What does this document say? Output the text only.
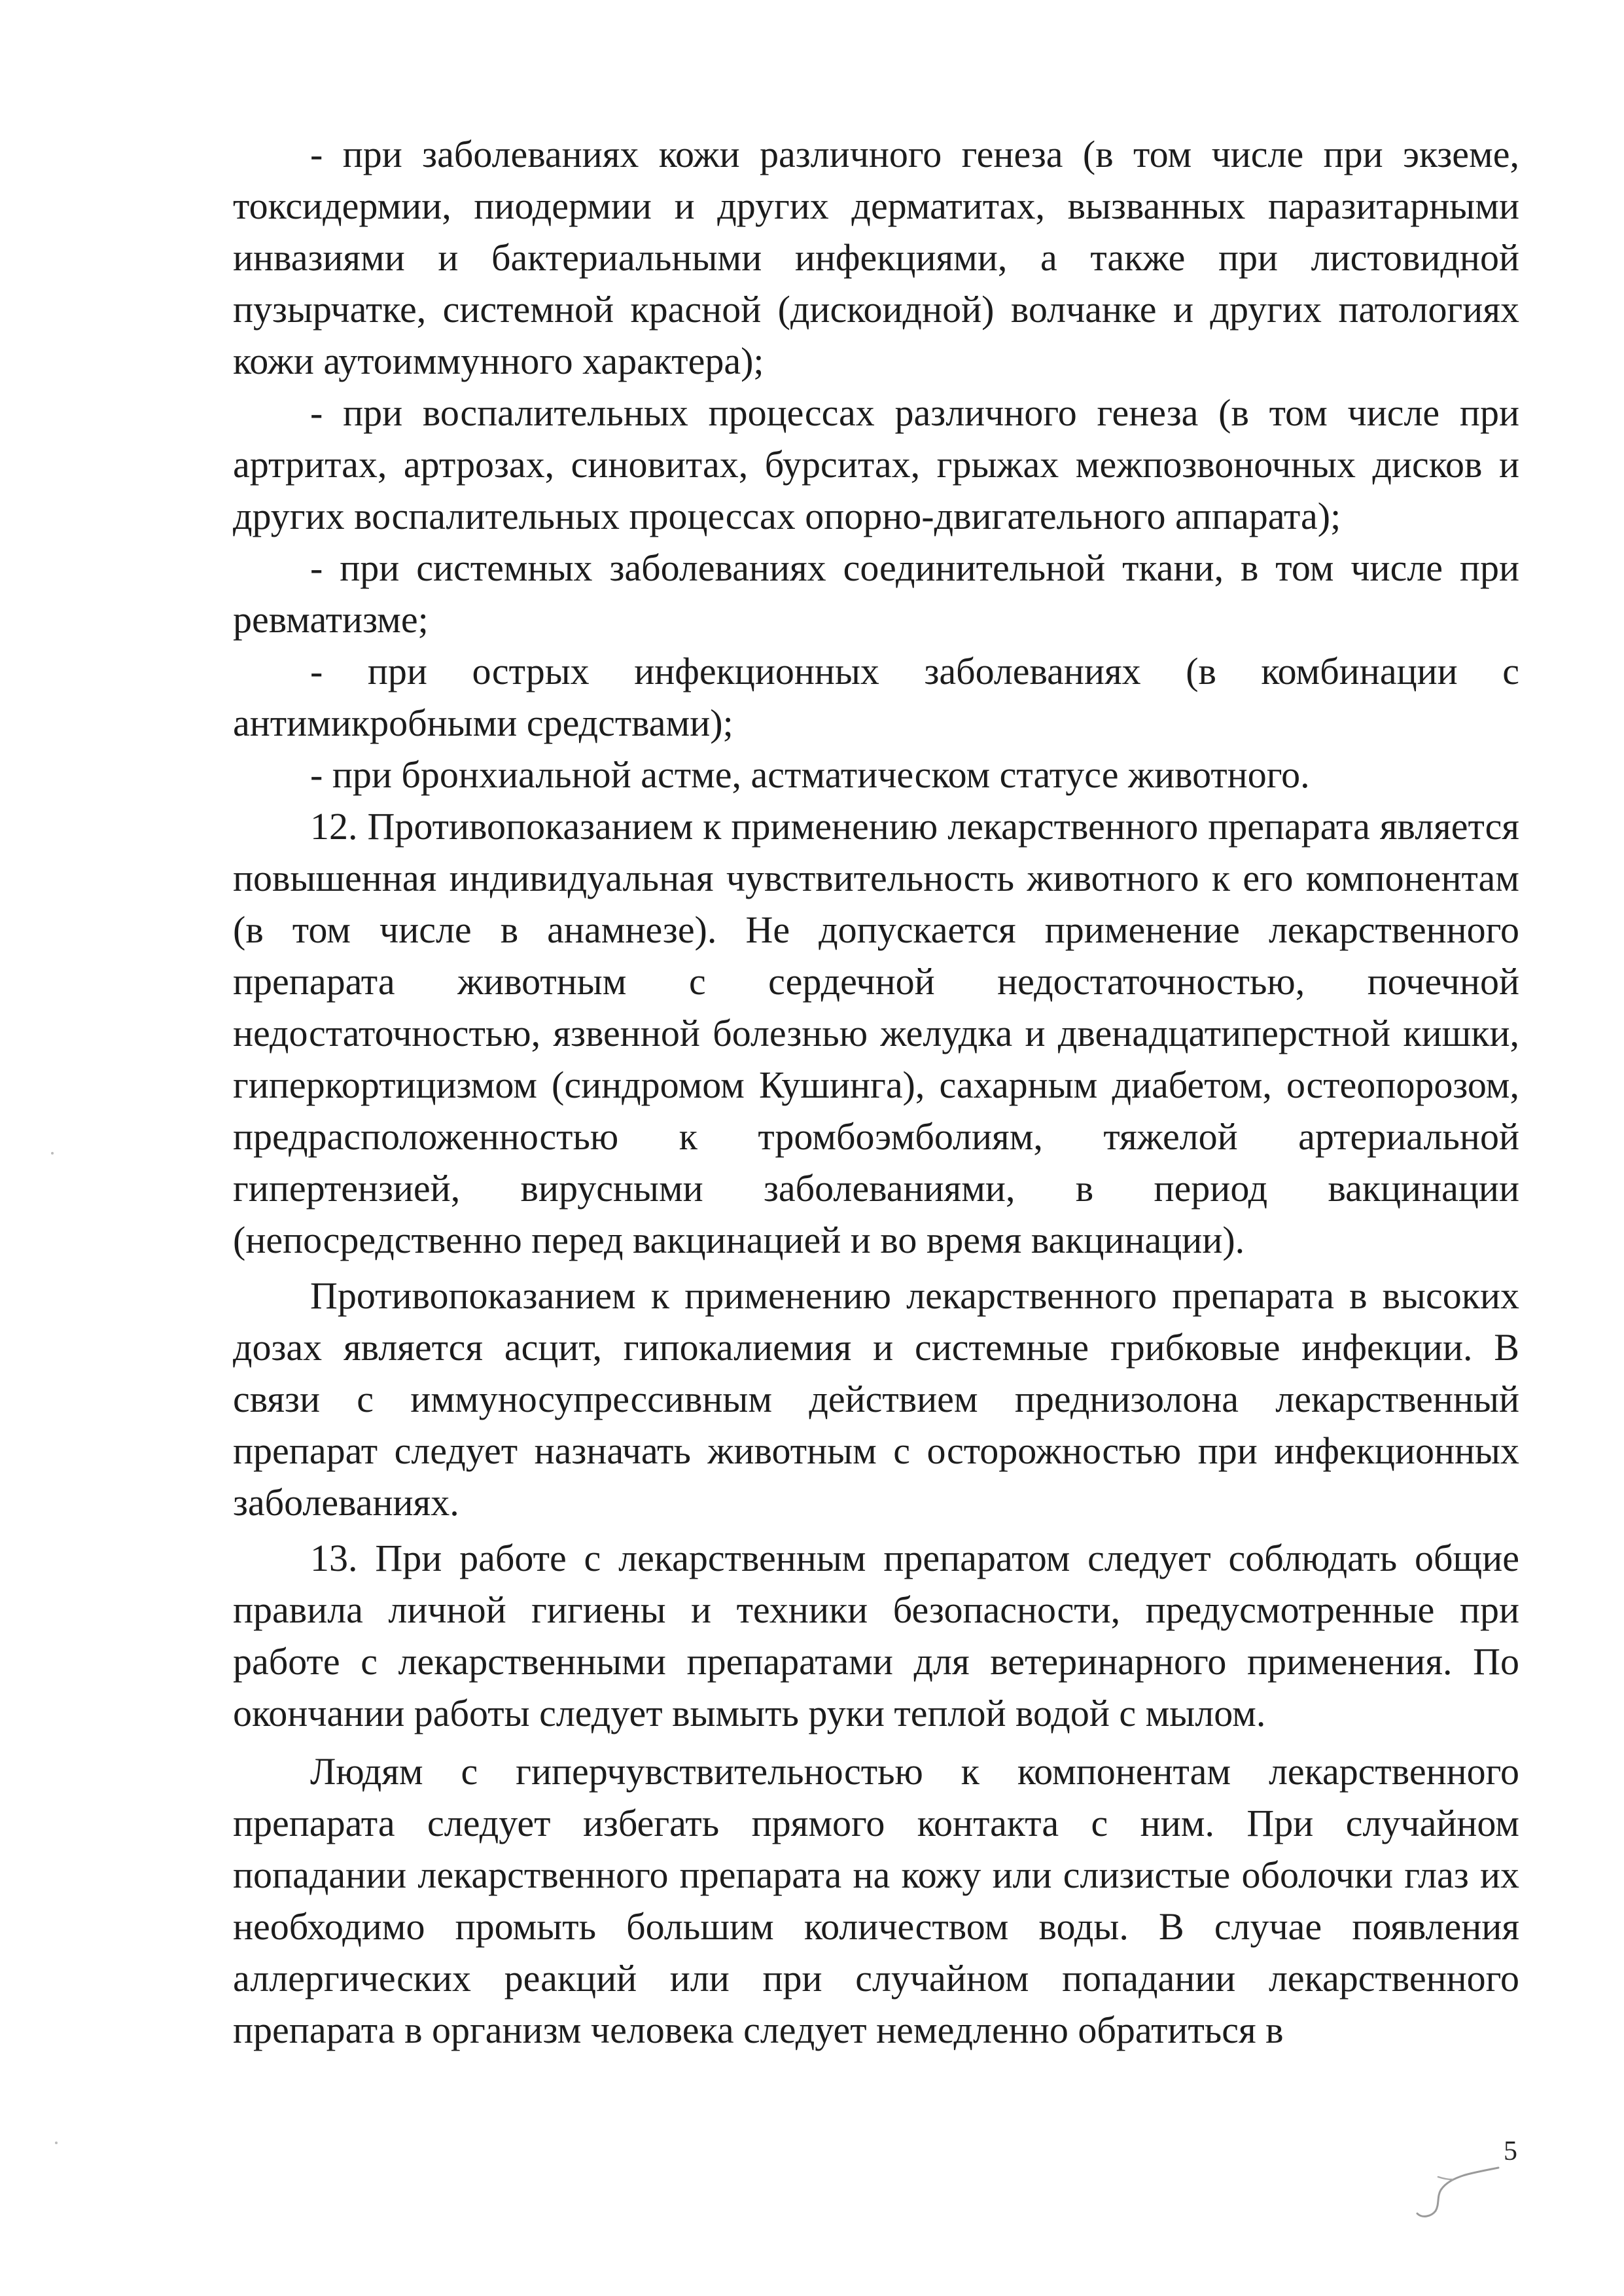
- при заболеваниях кожи различного генеза (в том числе при экземе, токсидермии, пиодермии и других дерматитах, вызванных паразитарными инвазиями и бактериальными инфекциями, а также при листовидной пузырчатке, системной красной (дискоидной) волчанке и других патологиях кожи аутоиммунного характера);

- при воспалительных процессах различного генеза (в том числе при артритах, артрозах, синовитах, бурситах, грыжах межпозвоночных дисков и других воспалительных процессах опорно-двигательного аппарата);

- при системных заболеваниях соединительной ткани, в том числе при ревматизме;

- при острых инфекционных заболеваниях (в комбинации с антимикробными средствами);

- при бронхиальной астме, астматическом статусе животного.

12. Противопоказанием к применению лекарственного препарата является повышенная индивидуальная чувствительность животного к его компонентам (в том числе в анамнезе). Не допускается применение лекарственного препарата животным с сердечной недостаточностью, почечной недостаточностью, язвенной болезнью желудка и двенадцатиперстной кишки, гиперкортицизмом (синдромом Кушинга), сахарным диабетом, остеопорозом, предрасположенностью к тромбоэмболиям, тяжелой артериальной гипертензией, вирусными заболеваниями, в период вакцинации (непосредственно перед вакцинацией и во время вакцинации).

Противопоказанием к применению лекарственного препарата в высоких дозах является асцит, гипокалиемия и системные грибковые инфекции. В связи с иммуносупрессивным действием преднизолона лекарственный препарат следует назначать животным с осторожностью при инфекционных заболеваниях.

13. При работе с лекарственным препаратом следует соблюдать общие правила личной гигиены и техники безопасности, предусмотренные при работе с лекарственными препаратами для ветеринарного применения. По окончании работы следует вымыть руки теплой водой с мылом.

Людям с гиперчувствительностью к компонентам лекарственного препарата следует избегать прямого контакта с ним. При случайном попадании лекарственного препарата на кожу или слизистые оболочки глаз их необходимо промыть большим количеством воды. В случае появления аллергических реакций или при случайном попадании лекарственного препарата в организм человека следует немедленно обратиться в

5
